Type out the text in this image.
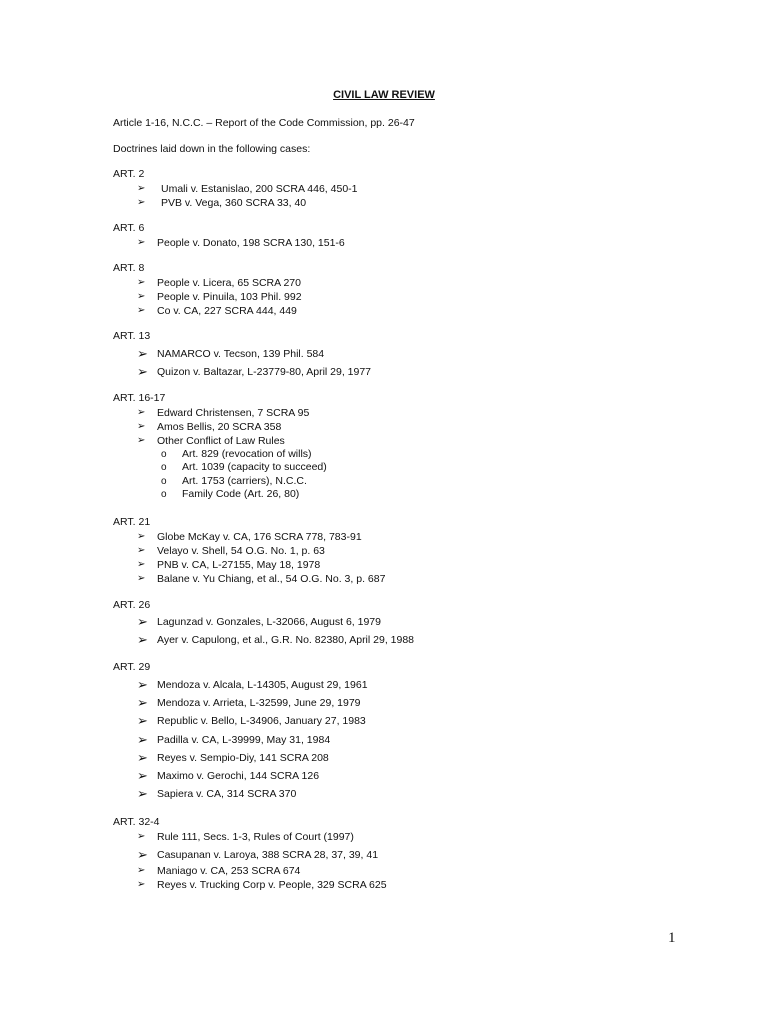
CIVIL LAW REVIEW
Article 1-16, N.C.C. – Report of the Code Commission, pp. 26-47
Doctrines laid down in the following cases:
ART. 2
➢ Umali v. Estanislao, 200 SCRA 446, 450-1
➢ PVB v. Vega, 360 SCRA 33, 40
ART. 6
➢ People v. Donato, 198 SCRA 130, 151-6
ART. 8
➢ People v. Licera, 65 SCRA 270
➢ People v. Pinuila, 103 Phil. 992
➢ Co v. CA, 227 SCRA 444, 449
ART. 13
➢ NAMARCO v. Tecson, 139 Phil. 584
➢ Quizon v. Baltazar, L-23779-80, April 29, 1977
ART. 16-17
➢ Edward Christensen, 7 SCRA 95
➢ Amos Bellis, 20 SCRA 358
➢ Other Conflict of Law Rules
o Art. 829 (revocation of wills)
o Art. 1039 (capacity to succeed)
o Art. 1753 (carriers), N.C.C.
o Family Code (Art. 26, 80)
ART. 21
➢ Globe McKay v. CA, 176 SCRA 778, 783-91
➢ Velayo v. Shell, 54 O.G. No. 1, p. 63
➢ PNB v. CA, L-27155, May 18, 1978
➢ Balane v. Yu Chiang, et al., 54 O.G. No. 3, p. 687
ART. 26
➢ Lagunzad v. Gonzales, L-32066, August 6, 1979
➢ Ayer v. Capulong, et al., G.R. No. 82380, April 29, 1988
ART. 29
➢ Mendoza v. Alcala, L-14305, August 29, 1961
➢ Mendoza v. Arrieta, L-32599, June 29, 1979
➢ Republic v. Bello, L-34906, January 27, 1983
➢ Padilla v. CA, L-39999, May 31, 1984
➢ Reyes v. Sempio-Diy, 141 SCRA 208
➢ Maximo v. Gerochi, 144 SCRA 126
➢ Sapiera v. CA, 314 SCRA 370
ART. 32-4
➢ Rule 111, Secs. 1-3, Rules of Court (1997)
➢ Casupanan v. Laroya, 388 SCRA 28, 37, 39, 41
➢ Maniago v. CA, 253 SCRA 674
➢ Reyes v. Trucking Corp v. People, 329 SCRA 625
1
